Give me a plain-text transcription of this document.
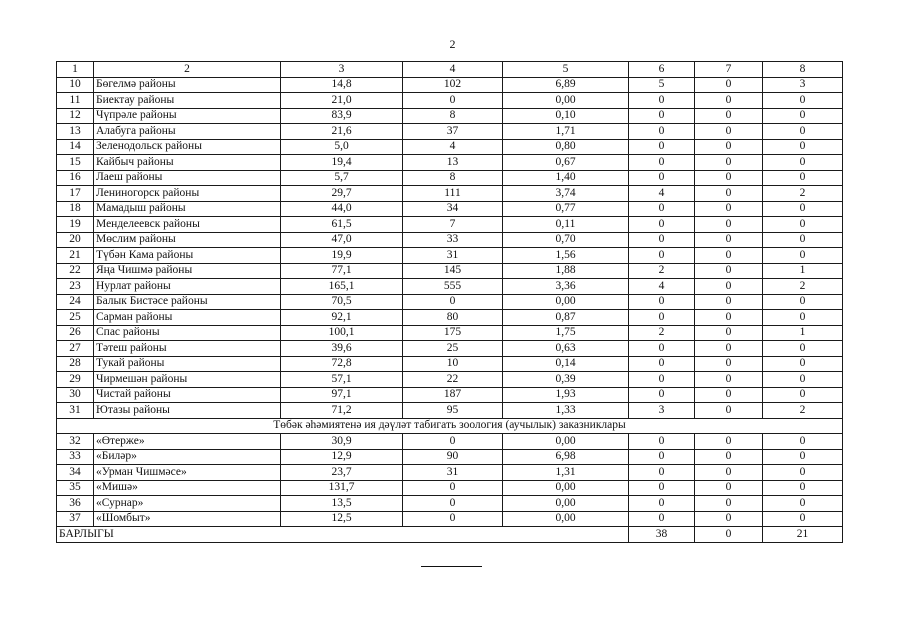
2
1	2	3	4	5	6	7	8	
10	Бөгелмә районы	14,8	102	6,89	5	0	3	
11	Биектау районы	21,0	0	0,00	0	0	0	
12	Чүпрәле районы	83,9	8	0,10	0	0	0	
13	Алабуга районы	21,6	37	1,71	0	0	0	
14	Зеленодольск районы	5,0	4	0,80	0	0	0	
15	Кайбыч районы	19,4	13	0,67	0	0	0	
16	Лаеш районы	5,7	8	1,40	0	0	0	
17	Лениногорск районы	29,7	111	3,74	4	0	2	
18	Мамадыш районы	44,0	34	0,77	0	0	0	
19	Менделеевск районы	61,5	7	0,11	0	0	0	
20	Мөслим районы	47,0	33	0,70	0	0	0	
21	Түбән Кама районы	19,9	31	1,56	0	0	0	
22	Яңа Чишмә районы	77,1	145	1,88	2	0	1	
23	Нурлат районы	165,1	555	3,36	4	0	2	
24	Балык Бистәсе районы	70,5	0	0,00	0	0	0	
25	Сарман районы	92,1	80	0,87	0	0	0	
26	Спас районы	100,1	175	1,75	2	0	1	
27	Тәтеш районы	39,6	25	0,63	0	0	0	
28	Тукай районы	72,8	10	0,14	0	0	0	
29	Чирмешән районы	57,1	22	0,39	0	0	0	
30	Чистай районы	97,1	187	1,93	0	0	0	
31	Ютазы районы	71,2	95	1,33	3	0	2	
Төбәк әһәмиятенә ия дәүләт табигать зоология (аучылык) заказниклары								
32	«Өтерже»	30,9	0	0,00	0	0	0	
33	«Биләр»	12,9	90	6,98	0	0	0	
34	«Урман Чишмәсе»	23,7	31	1,31	0	0	0	
35	«Мишә»	131,7	0	0,00	0	0	0	
36	«Сурнар»	13,5	0	0,00	0	0	0	
37	«Шомбыт»	12,5	0	0,00	0	0	0	
БАРЛЫГЫ					38	0	21	
